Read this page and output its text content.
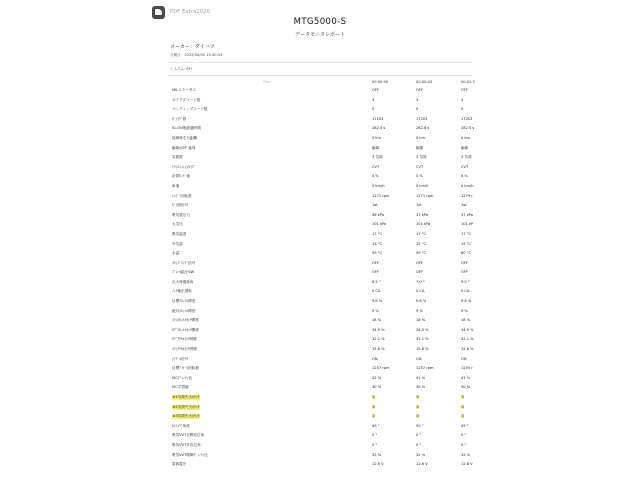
PDF Extra2020
MTG5000-S
データモニタレポート
メーカー：ダイハツ
点検日：2025/04/05 15:40:43
システム: EFI
Time	00:00:00	00:00:03	00:01:2
MILステータス	OFF	OFF	OFF
ダイアグコード数	3	3	3
ペンディングコード数	0	0	0
ﾀﾞｲｱｸﾞ数	17203	17203	17203
IG-ON後経過時間	282.5 s	282.8 s	282.5 s
故障時走行距離	0 km	0 km	0 km
触媒ｶﾀﾛｸﾞ識別	触媒	触媒	触媒
気筒数	3 気筒	3 気筒	3 気筒
ﾄﾗﾝｽﾐｯｼｮﾝﾀｲﾌﾟ	CVT	CVT	CVT
計算ﾛｰﾄﾞ値	4 %	4 %	4 %
車速	0 km/h	0 km/h	0 km/h
ｴﾝｼﾞﾝ回転数	1271 rpm	1271 rpm	1279 r
ｷﾞｱ段信号	1st	1st	1st
吸気管圧力	36 kPa	37 kPa	37 kPa
大気圧	101 kPa	101 kPa	101 kP
吸気温度	17 °C	17 °C	17 °C
外気温	15 °C	15 °C	15 °C
水温	59 °C	59 °C	60 °C
ｽﾀｯﾌﾞﾗﾝﾌﾟ信号	OFF	OFF	OFF
ﾌﾞﾚｰｷ踏圧SW	OFF	OFF	OFF
点火時期進角	8.5 °	7.0 °	9.0 °
ﾉｯｸ補正遅角	0 CA	0 CA	0 CA
目標ｽﾛｯﾄﾙ開度	9.8 %	9.8 %	9.8 %
絶対ｽﾛｯﾄﾙ開度	9 %	9 %	9 %
ﾒｲﾝｽﾛｯﾄﾙｾﾝｻ開度	18 %	18 %	18 %
ｻﾌﾞｽﾛｯﾄﾙｾﾝｻ開度	34.5 %	34.5 %	34.5 %
ｻﾌﾞｱｸｾﾙｾﾝｻ開度	32.1 %	32.1 %	32.1 %
ﾒｲﾝｱｸｾﾙｾﾝｻ開度	15.8 %	15.8 %	15.8 %
ｱｲﾄﾞﾙ信号	ON	ON	ON
目標ｱｲﾄﾞﾙ回転数	1257 rpm	1257 rpm	1255 r
ISCﾃﾞｭｰﾃｨ比	42 %	41 %	41 %
ISC学習値	30 %	30 %	30 %
#1気筒失火ｶｳﾝﾀ	0	0	0
#2気筒失火ｶｳﾝﾀ	0	0	0
#3気筒失火ｶｳﾝﾀ	0	0	0
ﾀｲﾐﾝｸﾞ角度	49 °	50 °	49 °
吸気VVT目標変位角	0 °	0 °	0 °
吸気VVT実変位角	0 °	0 °	0 °
吸気VVT制御ﾃﾞｭｰﾃｨ比	32 %	32 %	32 %
電源電圧	12.5 V	12.6 V	12.8 V
